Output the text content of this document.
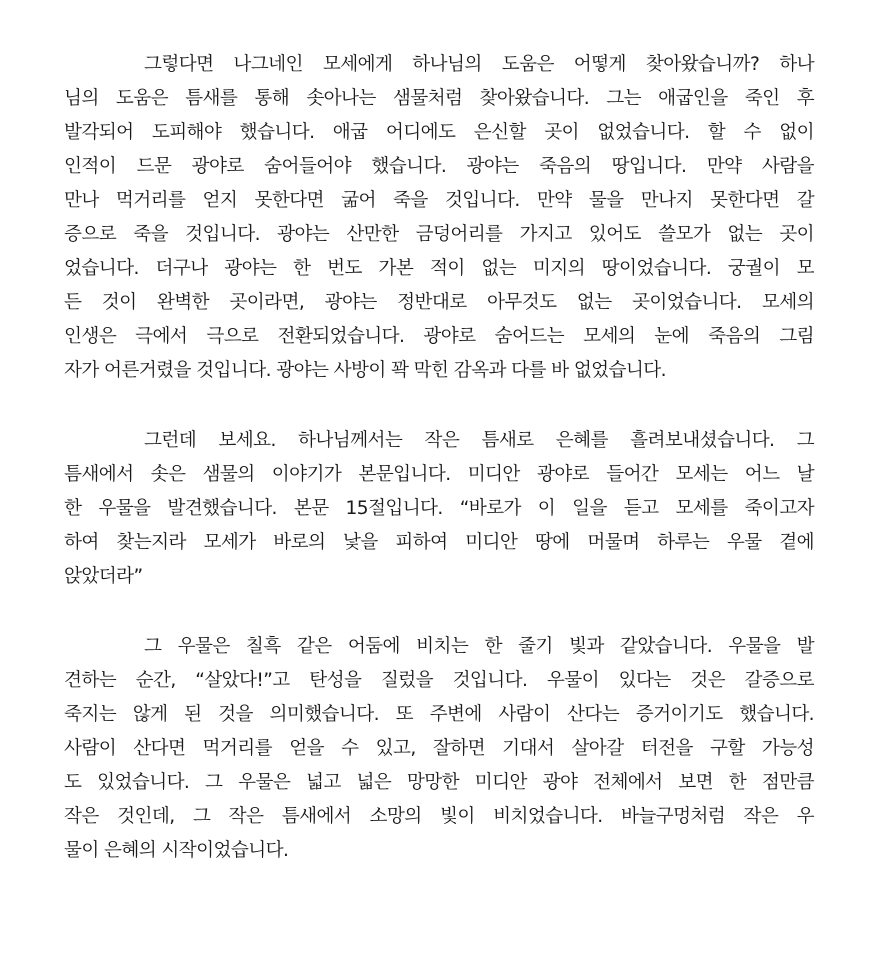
그렇다면 나그네인 모세에게 하나님의 도움은 어떻게 찾아왔습니까? 하나
님의 도움은 틈새를 통해 솟아나는 샘물처럼 찾아왔습니다. 그는 애굽인을 죽인 후
발각되어 도피해야 했습니다. 애굽 어디에도 은신할 곳이 없었습니다. 할 수 없이
인적이 드문 광야로 숨어들어야 했습니다. 광야는 죽음의 땅입니다. 만약 사람을
만나 먹거리를 얻지 못한다면 굶어 죽을 것입니다. 만약 물을 만나지 못한다면 갈
증으로 죽을 것입니다. 광야는 산만한 금덩어리를 가지고 있어도 쓸모가 없는 곳이
었습니다. 더구나 광야는 한 번도 가본 적이 없는 미지의 땅이었습니다. 궁궐이 모
든 것이 완벽한 곳이라면, 광야는 정반대로 아무것도 없는 곳이었습니다. 모세의
인생은 극에서 극으로 전환되었습니다. 광야로 숨어드는 모세의 눈에 죽음의 그림
자가 어른거렸을 것입니다. 광야는 사방이 꽉 막힌 감옥과 다를 바 없었습니다.
그런데 보세요. 하나님께서는 작은 틈새로 은혜를 흘려보내셨습니다. 그
틈새에서 솟은 샘물의 이야기가 본문입니다. 미디안 광야로 들어간 모세는 어느 날
한 우물을 발견했습니다. 본문 15절입니다. “바로가 이 일을 듣고 모세를 죽이고자
하여 찾는지라 모세가 바로의 낯을 피하여 미디안 땅에 머물며 하루는 우물 곁에
앉았더라”
그 우물은 칠흑 같은 어둠에 비치는 한 줄기 빛과 같았습니다. 우물을 발
견하는 순간, “살았다!”고 탄성을 질렀을 것입니다. 우물이 있다는 것은 갈증으로
죽지는 않게 된 것을 의미했습니다. 또 주변에 사람이 산다는 증거이기도 했습니다.
사람이 산다면 먹거리를 얻을 수 있고, 잘하면 기대서 살아갈 터전을 구할 가능성
도 있었습니다. 그 우물은 넓고 넓은 망망한 미디안 광야 전체에서 보면 한 점만큼
작은 것인데, 그 작은 틈새에서 소망의 빛이 비치었습니다. 바늘구멍처럼 작은 우
물이 은혜의 시작이었습니다.
